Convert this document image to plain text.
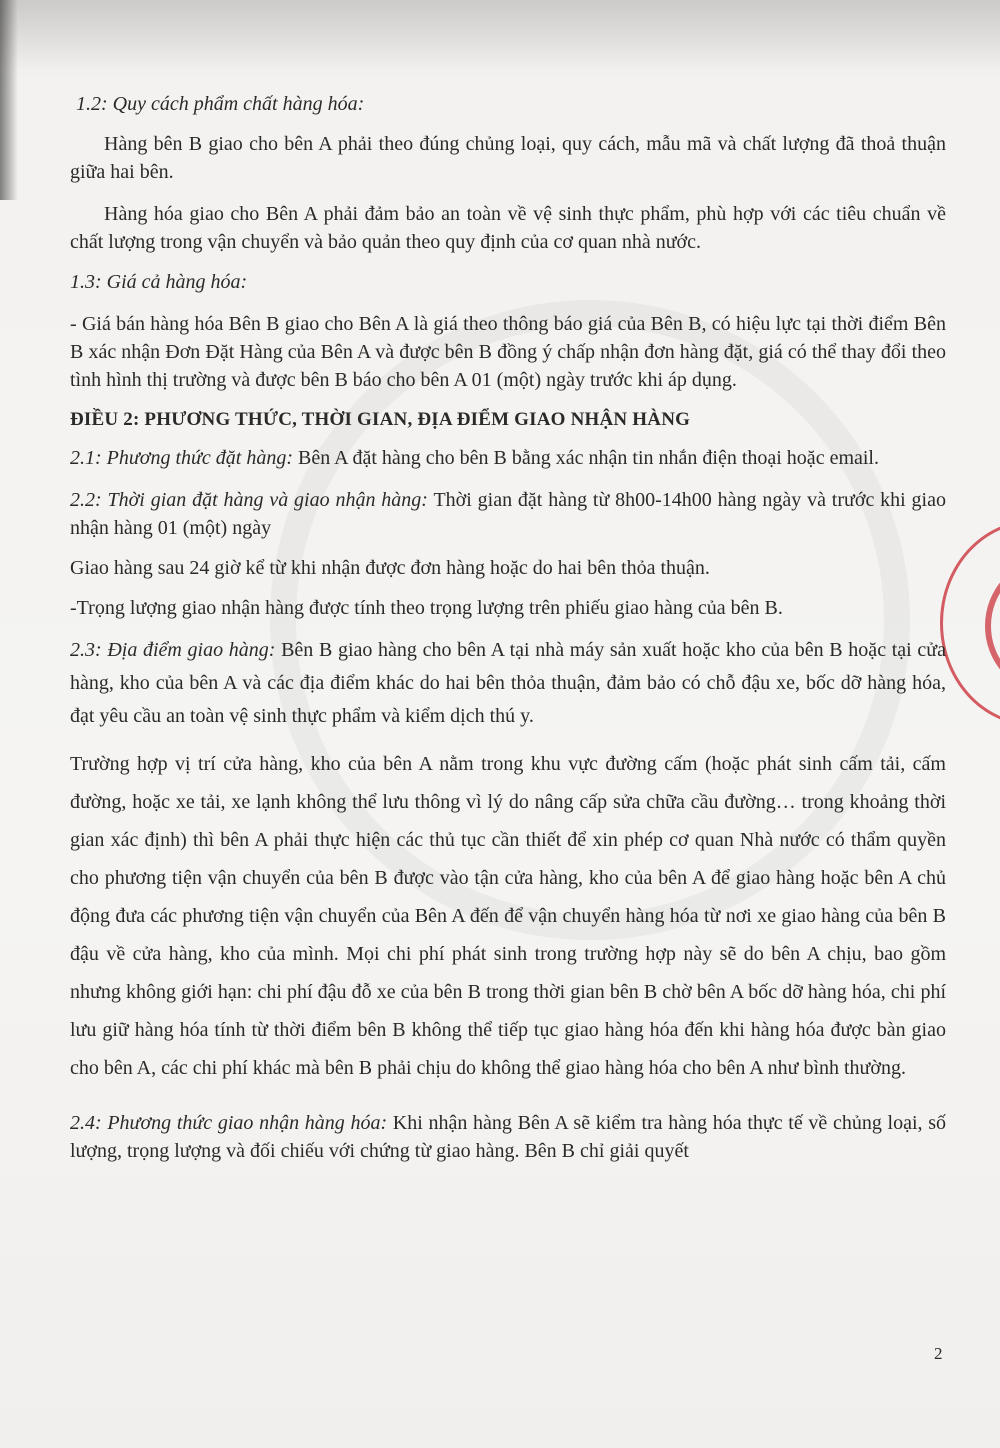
1.2: Quy cách phẩm chất hàng hóa:

Hàng bên B giao cho bên A phải theo đúng chủng loại, quy cách, mẫu mã và chất lượng đã thoả thuận giữa hai bên.

Hàng hóa giao cho Bên A phải đảm bảo an toàn về vệ sinh thực phẩm, phù hợp với các tiêu chuẩn về chất lượng trong vận chuyển và bảo quản theo quy định của cơ quan nhà nước.

1.3: Giá cả hàng hóa:

- Giá bán hàng hóa Bên B giao cho Bên A là giá theo thông báo giá của Bên B, có hiệu lực tại thời điểm Bên B xác nhận Đơn Đặt Hàng của Bên A và được bên B đồng ý chấp nhận đơn hàng đặt, giá có thể thay đổi theo tình hình thị trường và được bên B báo cho bên A 01 (một) ngày trước khi áp dụng.

ĐIỀU 2: PHƯƠNG THỨC, THỜI GIAN, ĐỊA ĐIỂM GIAO NHẬN HÀNG

2.1: Phương thức đặt hàng: Bên A đặt hàng cho bên B bằng xác nhận tin nhắn điện thoại hoặc email.

2.2: Thời gian đặt hàng và giao nhận hàng: Thời gian đặt hàng từ 8h00-14h00 hàng ngày và trước khi giao nhận hàng 01 (một) ngày

Giao hàng sau 24 giờ kể từ khi nhận được đơn hàng hoặc do hai bên thỏa thuận.

-Trọng lượng giao nhận hàng được tính theo trọng lượng trên phiếu giao hàng của bên B.

2.3: Địa điểm giao hàng: Bên B giao hàng cho bên A tại nhà máy sản xuất hoặc kho của bên B hoặc tại cửa hàng, kho của bên A và các địa điểm khác do hai bên thỏa thuận, đảm bảo có chỗ đậu xe, bốc dỡ hàng hóa, đạt yêu cầu an toàn vệ sinh thực phẩm và kiểm dịch thú y.

Trường hợp vị trí cửa hàng, kho của bên A nằm trong khu vực đường cấm (hoặc phát sinh cấm tải, cấm đường, hoặc xe tải, xe lạnh không thể lưu thông vì lý do nâng cấp sửa chữa cầu đường… trong khoảng thời gian xác định) thì bên A phải thực hiện các thủ tục cần thiết để xin phép cơ quan Nhà nước có thẩm quyền cho phương tiện vận chuyển của bên B được vào tận cửa hàng, kho của bên A để giao hàng hoặc bên A chủ động đưa các phương tiện vận chuyển của Bên A đến để vận chuyển hàng hóa từ nơi xe giao hàng của bên B đậu về cửa hàng, kho của mình. Mọi chi phí phát sinh trong trường hợp này sẽ do bên A chịu, bao gồm nhưng không giới hạn: chi phí đậu đỗ xe của bên B trong thời gian bên B chờ bên A bốc dỡ hàng hóa, chi phí lưu giữ hàng hóa tính từ thời điểm bên B không thể tiếp tục giao hàng hóa đến khi hàng hóa được bàn giao cho bên A, các chi phí khác mà bên B phải chịu do không thể giao hàng hóa cho bên A như bình thường.

2.4: Phương thức giao nhận hàng hóa: Khi nhận hàng Bên A sẽ kiểm tra hàng hóa thực tế về chủng loại, số lượng, trọng lượng và đối chiếu với chứng từ giao hàng. Bên B chỉ giải quyết

2
